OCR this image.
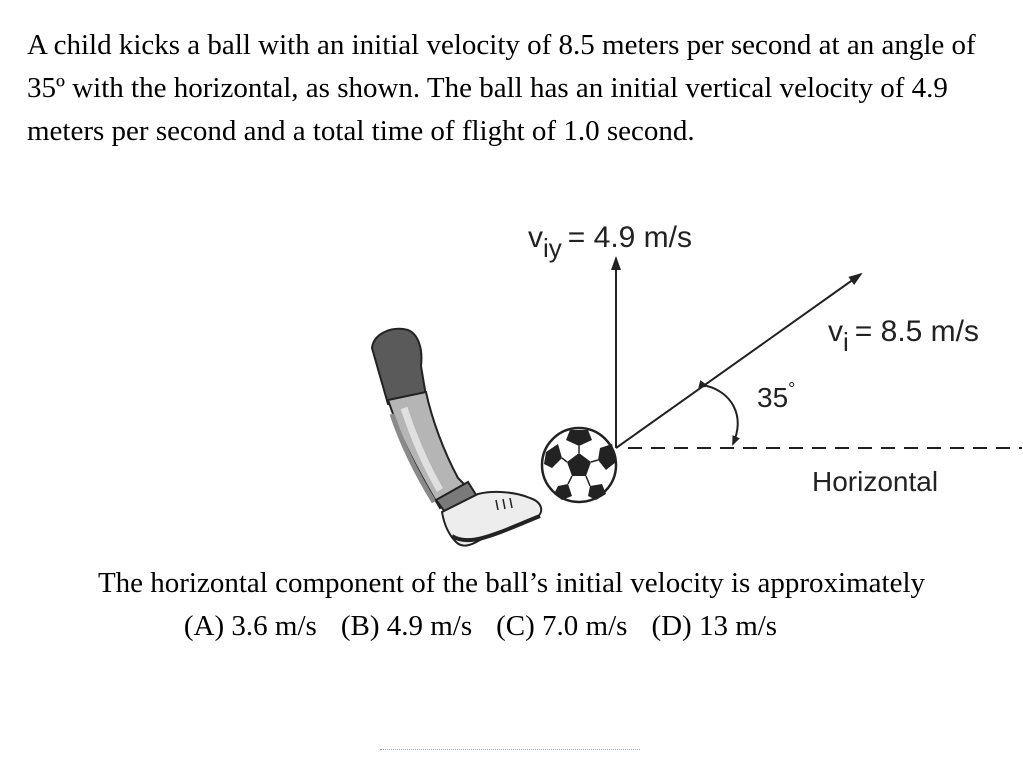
A child kicks a ball with an initial velocity of 8.5 meters per second at an angle of 35º with the horizontal, as shown. The ball has an initial vertical velocity of 4.9 meters per second and a total time of flight of 1.0 second.

viy = 4.9 m/s
vi = 8.5 m/s
35°
Horizontal
The horizontal component of the ball’s initial velocity is approximately
(A) 3.6 m/s (B) 4.9 m/s (C) 7.0 m/s (D) 13 m/s
